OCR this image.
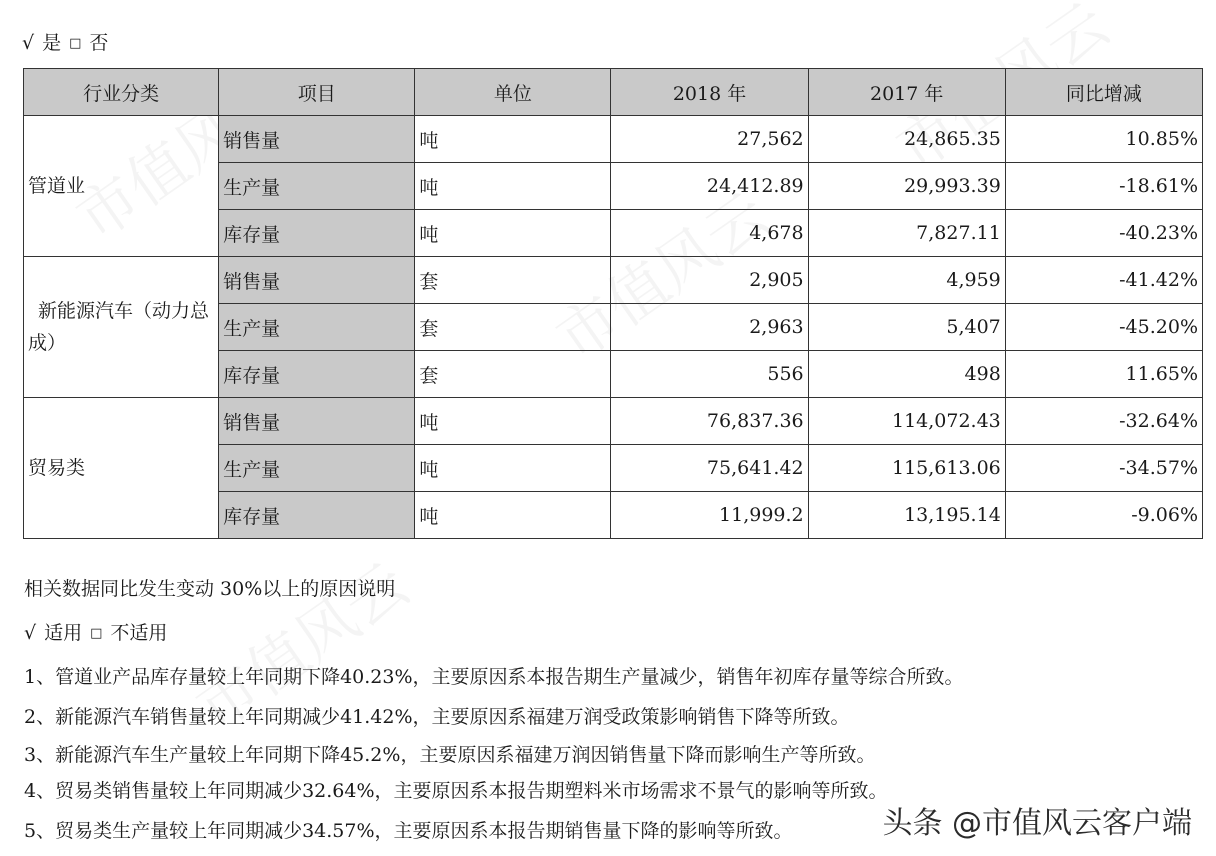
√ 是 □ 否
行业分类	项目	单位	2018 年	2017 年	同比增减
管道业	销售量	吨	27,562	24,865.35	10.85%
	生产量	吨	24,412.89	29,993.39	-18.61%
	库存量	吨	4,678	7,827.11	-40.23%
新能源汽车（动力总成）	销售量	套	2,905	4,959	-41.42%
	生产量	套	2,963	5,407	-45.20%
	库存量	套	556	498	11.65%
贸易类	销售量	吨	76,837.36	114,072.43	-32.64%
	生产量	吨	75,641.42	115,613.06	-34.57%
	库存量	吨	11,999.2	13,195.14	-9.06%
相关数据同比发生变动 30%以上的原因说明
√ 适用 □ 不适用
1、管道业产品库存量较上年同期下降40.23%，主要原因系本报告期生产量减少，销售年初库存量等综合所致。
2、新能源汽车销售量较上年同期减少41.42%，主要原因系福建万润受政策影响销售下降等所致。
3、新能源汽车生产量较上年同期下降45.2%，主要原因系福建万润因销售量下降而影响生产等所致。
4、贸易类销售量较上年同期减少32.64%，主要原因系本报告期塑料米市场需求不景气的影响等所致。
5、贸易类生产量较上年同期减少34.57%，主要原因系本报告期销售量下降的影响等所致。	头条 @市值风云客户端
